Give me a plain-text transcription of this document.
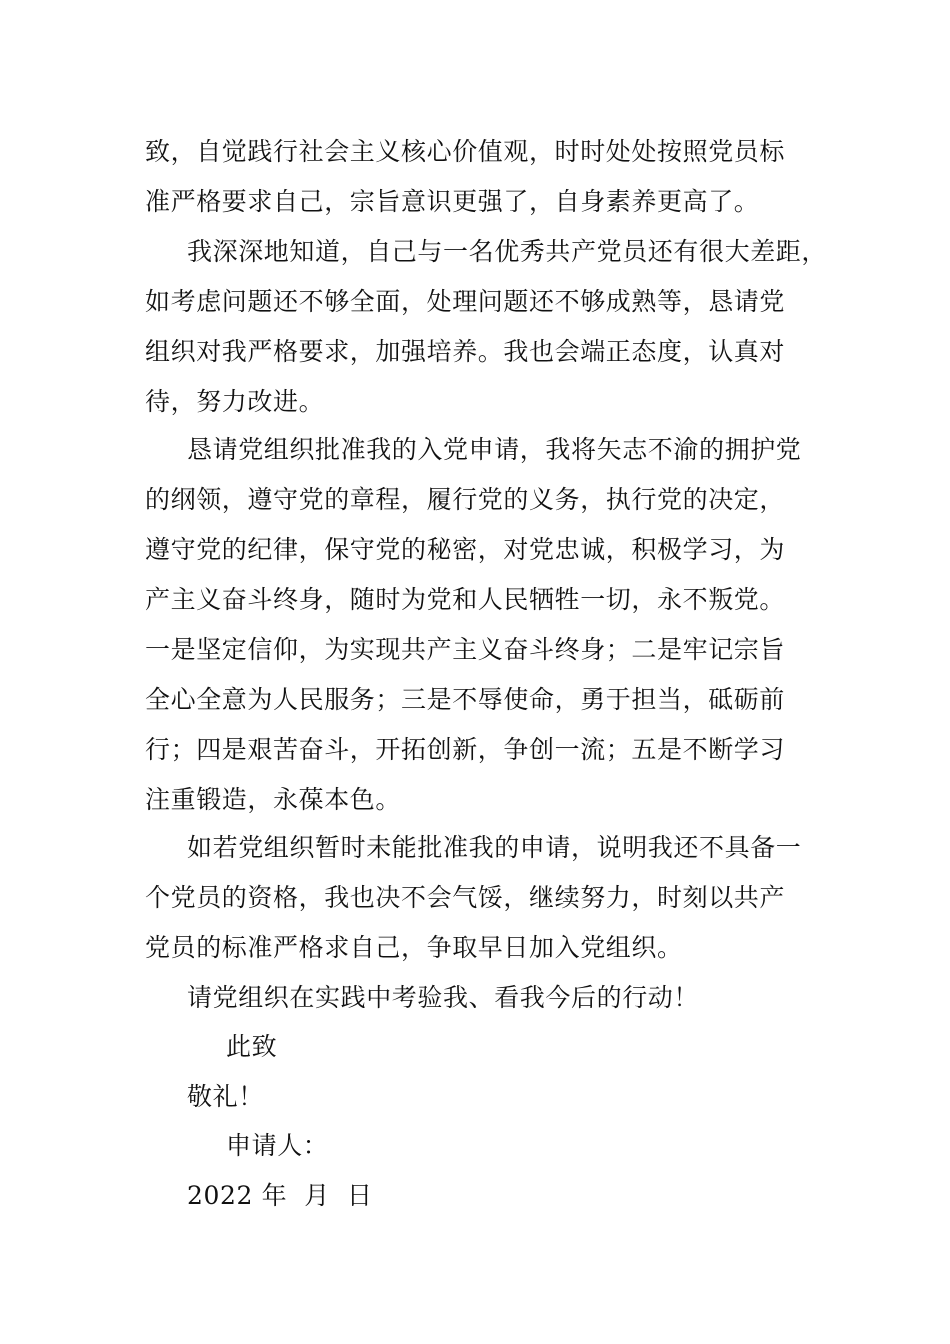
致，自觉践行社会主义核心价值观，时时处处按照党员标
准严格要求自己，宗旨意识更强了，自身素养更高了。
我深深地知道，自己与一名优秀共产党员还有很大差距，
如考虑问题还不够全面，处理问题还不够成熟等，恳请党
组织对我严格要求，加强培养。我也会端正态度，认真对
待，努力改进。
恳请党组织批准我的入党申请，我将矢志不渝的拥护党
的纲领，遵守党的章程，履行党的义务，执行党的决定，
遵守党的纪律，保守党的秘密，对党忠诚，积极学习，为
产主义奋斗终身，随时为党和人民牺牲一切，永不叛党。
一是坚定信仰，为实现共产主义奋斗终身；二是牢记宗旨
全心全意为人民服务；三是不辱使命，勇于担当，砥砺前
行；四是艰苦奋斗，开拓创新，争创一流；五是不断学习
注重锻造，永葆本色。
如若党组织暂时未能批准我的申请，说明我还不具备一
个党员的资格，我也决不会气馁，继续努力，时刻以共产
党员的标准严格求自己，争取早日加入党组织。
请党组织在实践中考验我、看我今后的行动！
此致
敬礼！
申请人：
2022 年  月  日
